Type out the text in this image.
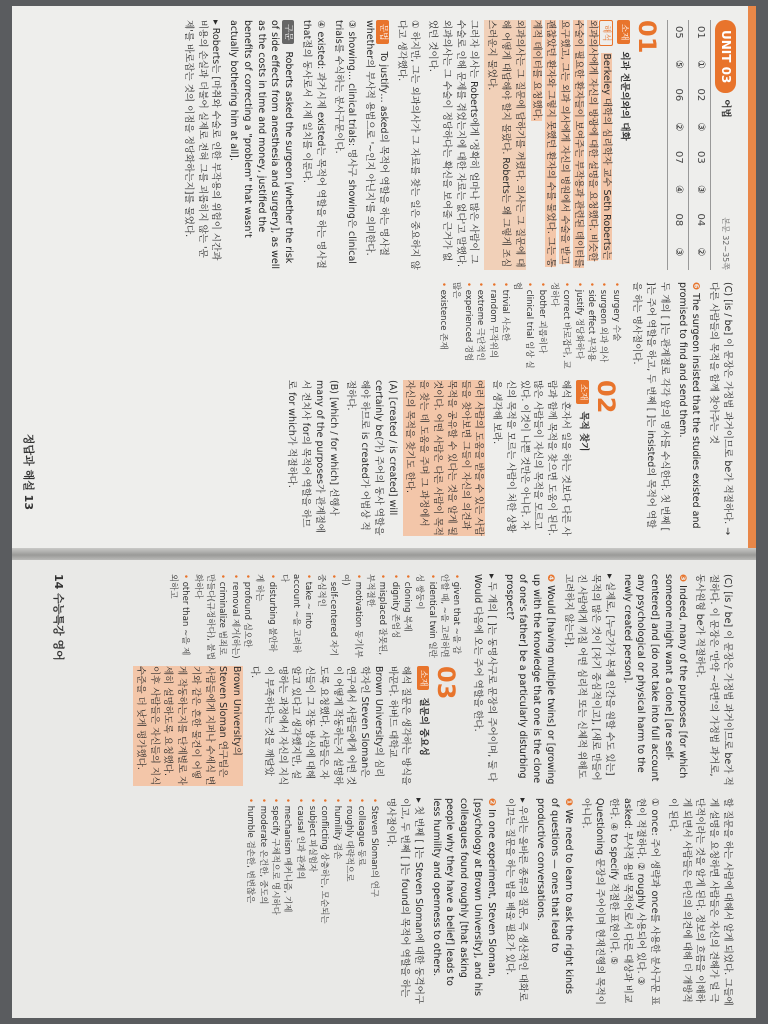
UNIT 03
어법
본문 32~35쪽
01	①	02	③	03	③	04	②
05	⑤	06	②	07	④	08	③
01

소재 외과 전문의와의 대화

해석 Berkeley 대학의 심리학자 교수 Seth Roberts는 외과의사에게 자신의 방광에 대한 설명을 요청했다. 비슷한 수술이 필요한 환자들이 보여주는 부작용과 관련된 데이터를 요구했고, 그는 외과 의사에게 자신의 병원에서 수술을 받고 괜찮았던 환자와 그렇지 못했던 환자의 수를 물었다. 그는 통계적 데이터를 요청했다.

외과의사는 그 질문에 답하기를 꺼렸다. 의사는 그 질문에 대해 어떻게 대답해야 할지 몰랐다. Roberts는 왜 그렇게 조심스러운지 물었다.

그러자 의사는 Roberts에게 '정확히 얼마나 많은 사람이 그 수술로 인해 문제를 겪었는지에 대한 자료는 없다'고 말했다. 외과의사는 그 수술이 정당하다는 확신을 보여줄 근거가 없었던 것이다.

① 하지만, 그는 외과의사가 그 자료를 찾는 일은 중요하지 않다고 생각했다.

문법 To justify… asked의 목적어 역할을 하는 명사절 whether의 부사적 용법으로 '~인지 아닌지'를 의미한다.

③ showing… clinical trials: 명사구 showing은 clinical trials를 수식하는 분사구문이다.

④ existed: 과거시제 existed는 목적어 역할을 하는 명사절 that절의 동사로서 시제 일치를 이룬다.

구문 Roberts asked the surgeon [whether the risk of side effects from anesthesia and surgery], as well as the costs in time and money, justified the benefits of correcting a "problem" that wasn't actually bothering him at all].

▸ Roberts는 [마취와 수술로 인한 부작용의 위험이 시간과 비용의 손실과 더불어 실제로 전혀 그를 괴롭히지 않는 '문제'를 바로잡는 것의 이점을 정당화하는지]를 물었다.

(C) [is / be] 이 문장은 가정법 과거이므로 be가 적절하다. → 다른 사람들의 목적을 함께 찾아주는 것

❻ The surgeon insisted that the studies existed and promised to find and send them.

두 개의 [ ]는 관계절로 각각 앞의 명사를 수식한다. 첫 번째 [ ]는 주어 역할을 하고, 두 번째 [ ]는 insisted의 목적어 역할을 하는 명사절이다.

• surgery 수술
• surgeon 외과 의사
• side effect 부작용
• justify 정당화하다
• correct 바로잡다, 교정하다
• bother 괴롭히다
• clinical trial 임상 실험
• trivial 사소한
• random 무작위의
• extreme 극단적인
• experienced 경험 많은
• existence 존재
02

소재 목적 찾기

해석 혼자서 일을 하는 것보다 다른 사람과 함께 목적을 찾으면 도움이 된다. 많은 사람들이 자신의 목적을 모르고 있다. 이것이 나쁜 것만은 아니다. 자신의 목적을 모르는 사람이 처한 상황을 생각해 보라.

여러 사람의 도움을 받을 수 있는 사람들을 찾아보면 그들이 자신의 의견과 목적을 공유할 수 있다는 것을 알게 될 것이다. 어떤 사람은 다른 사람이 목적을 찾는 데 도움을 주며 그 과정에서 자신의 목적을 찾기도 한다.

(A) [created / is created] will certainly be(가) 주어의 동사 역할을 해야 하므로 is created가 어법상 적절하다.

(B) [which / for which] 선행사 many of the purposes가 관계절에서 전치사 for의 목적어 역할을 하므로 for which가 적절하다.

정답과 해설 13

(C) [is / be] 이 문장은 가정법 과거이므로 be가 적절하다. 이 문장은 '만약 ~라면'의 가정법 과거로, 동사원형 be가 적절하다.

❸ Indeed, many of the purposes [for which someone might want a clone] [are self-centered] and [do not take into full account any psychological or physical harm to the newly created person].

▸ 실제로, [누군가가 복제 인간을 원할 수도 있는] 목적의 많은 것이 [자기 중심적이고], [새로 만들어진 사람에게 끼칠 어떤 심리적 또는 신체적 위해도 고려하지 않는다].

❹ Would [having multiple twins] or [growing up with the knowledge that one is the clone of one's father] be a particularly disturbing prospect?

▸ 두 개의 [ ]는 동명사구로 문장의 주어이며, 둘 다 Would 다음에 오는 주어 역할을 한다.

• given that ~을 감안할 때, ~을 고려하면
• identical twin 일란성 쌍둥이
• cloning 복제
• dignity 존엄성
• misplaced 잘못된, 부적절한
• motivation 동기(부여)
• self-centered 자기중심적인
• take ~ into account ~을 고려하다
• disturbing 불안하게 하는
• profound 심오한
• removal 제거(하는)
• criminalize 범죄로 만들다(규정하다), 불법화하다
• other than ~을 제외하고
03

소재 질문의 중요성

해석 질문은 생각하는 방식을 바꾼다. 하버드 대학교 Brown University의 심리학자인 Steven Sloman은 연구에서 사람들에게 어떤 것이 어떻게 작동하는지 설명하도록 요청했다. 사람들은 자신들이 그 작동 방식에 대해 알고 있다고 생각했지만, 설명하는 과정에서 자신의 지식이 부족하다는 것을 깨달았다.

Brown University의 Steven Sloman 연구팀은 사람들에게 지퍼나 수세식 변기와 같은 흔한 물건이 어떻게 작동하는지를 단계별로 자세히 설명하도록 요청했다. 이후 사람들은 자신들의 지식 수준을 더 낮게 평가했다.

14 수능특강 영어

할 질문을 하는 사람에 대해서 알게 되었다. 그들에게 설명을 요청하면 사람들은 자신의 견해가 덜 극단적이라는 것을 알게 된다. 정보의 흐름을 이해하게 되면서 사람들은 타인의 의견에 대해 더 개방적이 된다.

① once: 주어 생략과 once를 사용한 분사구문 표현이 적절하다. ② roughly 사용되어 있다. ③ asked: 부사적 용법 목적어로서 다른 대상과 비교한다. ④ to specify 적절한 표현이다. ⑤ Questioning 문장의 주어이며 현재진행의 목적이 아니다.

❶ We need to learn to ask the right kinds of questions — ones that lead to productive conversations.

▸ 우리는 올바른 종류의 질문, 즉 생산적인 대화로 이끄는 질문을 하는 법을 배울 필요가 있다.

❷ In one experiment, Steven Sloman, [psychology at Brown University], and his colleagues found roughly [that asking people why they have a belief] leads to less humility and openness to others.

▸ 첫 번째 [ ]는 Steven Sloman에 대한 동격어구이고, 두 번째 [ ]는 found의 목적어 역할을 하는 명사절이다.

• Steven Sloman의 연구
• colleague 동료
• roughly 대략적으로
• humility 겸손
• conflicting 상충하는, 모순되는
• subject 피실험자
• causal 인과 관계의
• mechanism 메커니즘, 기제
• specify 구체적으로 명시하다
• moderate 온건한, 중도의
• humble 겸손한, 변변찮은
